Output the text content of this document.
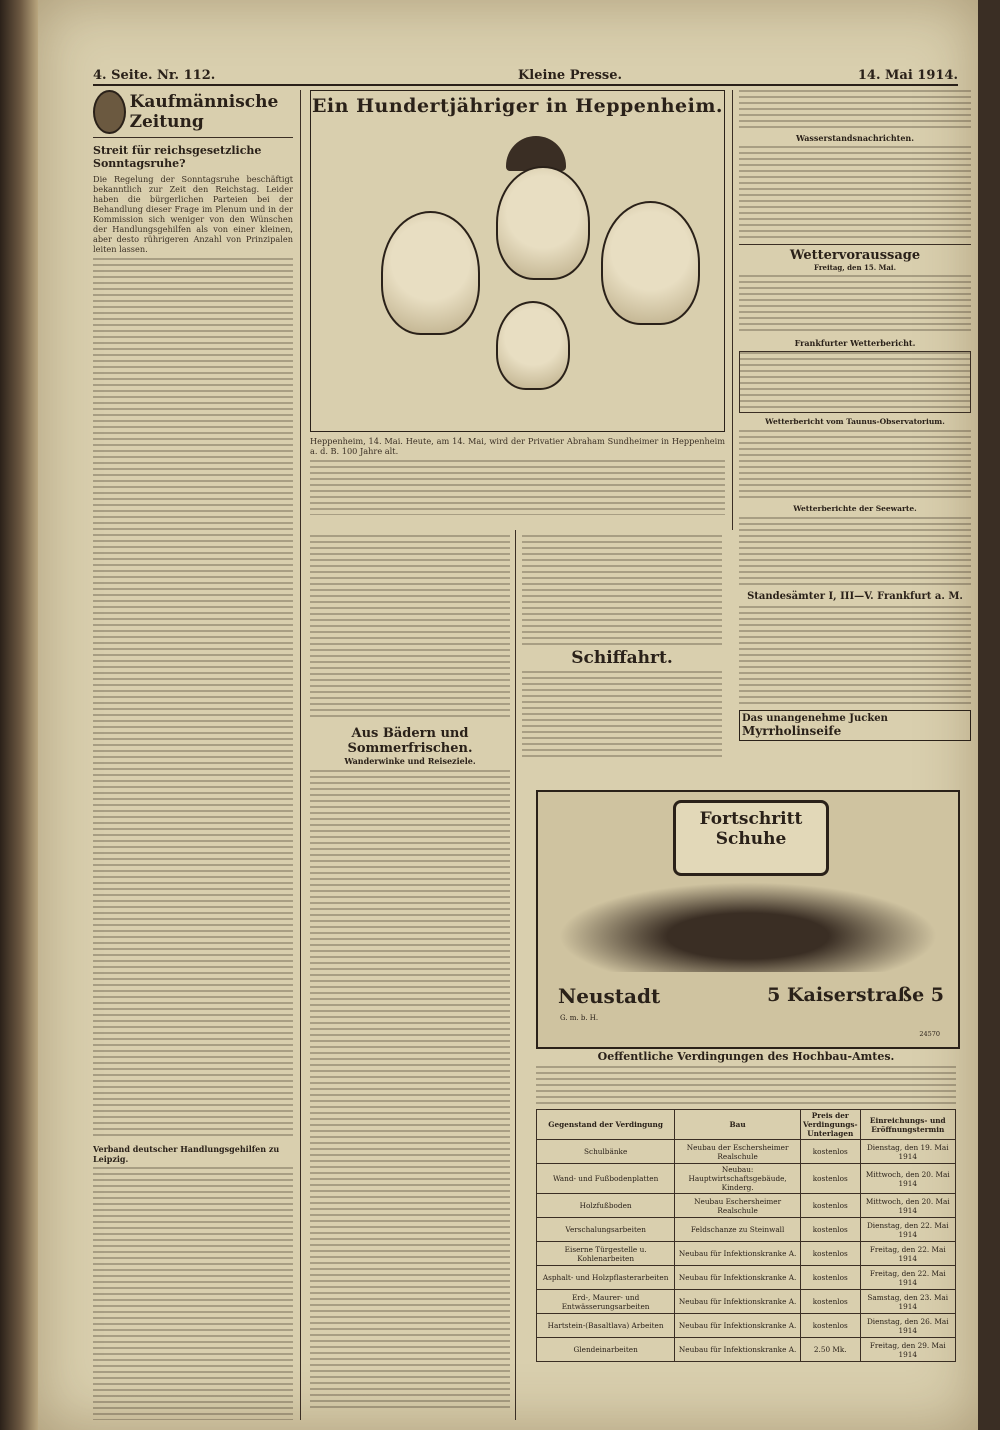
4. Seite. Nr. 112.	Kleine Presse.	14. Mai 1914.
Kaufmännische Zeitung
Streit für reichsgesetzliche Sonntagsruhe?

Die Regelung der Sonntagsruhe beschäftigt bekanntlich zur Zeit den Reichstag. Leider haben die bürgerlichen Parteien bei der Behandlung dieser Frage im Plenum und in der Kommission sich weniger von den Wünschen der Handlungsgehilfen als von einer kleinen, aber desto rührigeren Anzahl von Prinzipalen leiten lassen.

Verband deutscher Handlungsgehilfen zu Leipzig.
Ein Hundertjähriger in Heppenheim.

Heppenheim, 14. Mai. Heute, am 14. Mai, wird der Privatier Abraham Sundheimer in Heppenheim a. d. B. 100 Jahre alt.

Aus Bädern und Sommerfrischen.
Wanderwinke und Reiseziele.
Schiffahrt.
Wasserstandsnachrichten.
Wettervoraussage
Freitag, den 15. Mai.
Frankfurter Wetterbericht.
Wetterbericht vom Taunus-Observatorium.
Wetterberichte der Seewarte.
Standesämter I, III—V. Frankfurt a. M.
Das unangenehme Jucken
Myrrholinseife
Fortschritt
Schuhe
Neustadt
G. m. b. H.
5 Kaiserstraße 5
24570
Oeffentliche Verdingungen des Hochbau-Amtes.
Gegenstand der Verdingung	Bau	Preis der Verdingungs-Unterlagen	Einreichungs- und Eröffnungstermin
Schulbänke	Neubau der Eschersheimer Realschule	kostenlos	Dienstag, den 19. Mai 1914
Wand- und Fußbodenplatten	Neubau: Hauptwirtschaftsgebäude, Kinderg.	kostenlos	Mittwoch, den 20. Mai 1914
Holzfußboden	Neubau Eschersheimer Realschule	kostenlos	Mittwoch, den 20. Mai 1914
Verschalungsarbeiten	Feldschanze zu Steinwall	kostenlos	Dienstag, den 22. Mai 1914
Eiserne Türgestelle u. Kohlenarbeiten	Neubau für Infektionskranke A.	kostenlos	Freitag, den 22. Mai 1914
Asphalt- und Holzpflasterarbeiten	Neubau für Infektionskranke A.	kostenlos	Freitag, den 22. Mai 1914
Erd-, Maurer- und Entwässerungsarbeiten	Neubau für Infektionskranke A.	kostenlos	Samstag, den 23. Mai 1914
Hartstein-(Basaltlava) Arbeiten	Neubau für Infektionskranke A.	kostenlos	Dienstag, den 26. Mai 1914
Glendeinarbeiten	Neubau für Infektionskranke A.	2.50 Mk.	Freitag, den 29. Mai 1914
